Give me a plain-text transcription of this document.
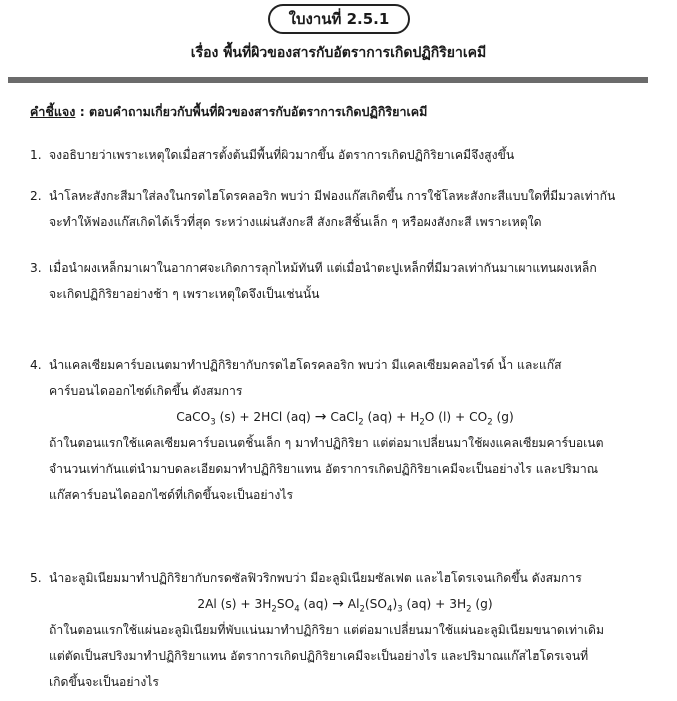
ใบงานที่ 2.5.1
เรื่อง พื้นที่ผิวของสารกับอัตราการเกิดปฏิกิริยาเคมี
คำชี้แจง : ตอบคำถามเกี่ยวกับพื้นที่ผิวของสารกับอัตราการเกิดปฏิกิริยาเคมี
1. จงอธิบายว่าเพราะเหตุใดเมื่อสารตั้งต้นมีพื้นที่ผิวมากขึ้น อัตราการเกิดปฏิกิริยาเคมีจึงสูงขึ้น
2. นำโลหะสังกะสีมาใส่ลงในกรดไฮโดรคลอริก พบว่า มีฟองแก๊สเกิดขึ้น การใช้โลหะสังกะสีแบบใดที่มีมวลเท่ากัน
จะทำให้ฟองแก๊สเกิดได้เร็วที่สุด ระหว่างแผ่นสังกะสี สังกะสีชิ้นเล็ก ๆ หรือผงสังกะสี เพราะเหตุใด
3. เมื่อนำผงเหล็กมาเผาในอากาศจะเกิดการลุกไหม้ทันที แต่เมื่อนำตะปูเหล็กที่มีมวลเท่ากันมาเผาแทนผงเหล็ก
จะเกิดปฏิกิริยาอย่างช้า ๆ เพราะเหตุใดจึงเป็นเช่นนั้น
4. นำแคลเซียมคาร์บอเนตมาทำปฏิกิริยากับกรดไฮโดรคลอริก พบว่า มีแคลเซียมคลอไรด์ น้ำ และแก๊ส
คาร์บอนไดออกไซด์เกิดขึ้น ดังสมการ
CaCO$_3$ (s) + 2HCl (aq) → CaCl$_2$ $(aq) + H_2O$ $(l) + CO_2$ (g)
ถ้าในตอนแรกใช้แคลเซียมคาร์บอเนตชิ้นเล็ก ๆ มาทำปฏิกิริยา แต่ต่อมาเปลี่ยนมาใช้ผงแคลเซียมคาร์บอเนต
จำนวนเท่ากันแต่นำมาบดละเอียดมาทำปฏิกิริยาแทน อัตราการเกิดปฏิกิริยาเคมีจะเป็นอย่างไร และปริมาณ
แก๊สคาร์บอนไดออกไซด์ที่เกิดขึ้นจะเป็นอย่างไร
5. นำอะลูมิเนียมมาทำปฏิกิริยากับกรดซัลฟิวริกพบว่า มีอะลูมิเนียมซัลเฟต และไฮโดรเจนเกิดขึ้น ดังสมการ
2Al $(s) + 3H_2SO_4$ $(aq) \to Al_2(SO_4)_3$ $(aq) + 3H_2$ (g)
ถ้าในตอนแรกใช้แผ่นอะลูมิเนียมที่พับแน่นมาทำปฏิกิริยา แต่ต่อมาเปลี่ยนมาใช้แผ่นอะลูมิเนียมขนาดเท่าเดิม
แต่ตัดเป็นสปริงมาทำปฏิกิริยาแทน อัตราการเกิดปฏิกิริยาเคมีจะเป็นอย่างไร และปริมาณแก๊สไฮโดรเจนที่
เกิดขึ้นจะเป็นอย่างไร
